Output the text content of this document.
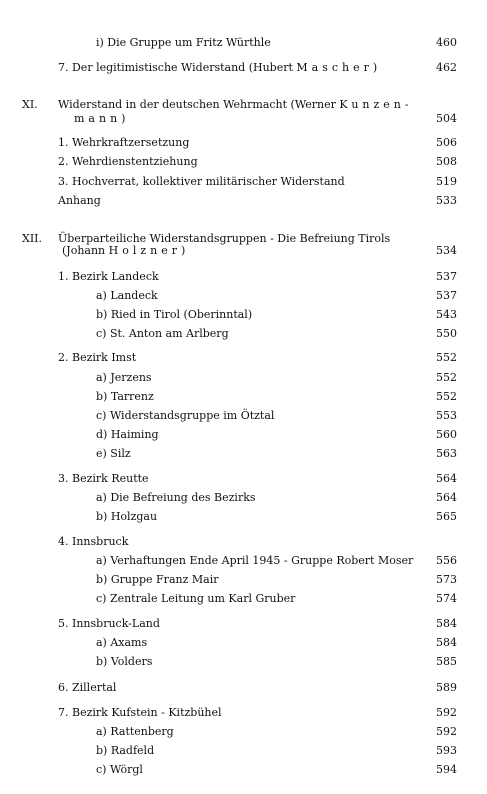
i) Die Gruppe um Fritz Würthle	460
7. Der legitimistische Widerstand (Hubert Mascher)	462
XI. Widerstand in der deutschen Wehrmacht (Werner Kunzen-
mann)	504
1. Wehrkraftzersetzung	506
2. Wehrdienstentziehung	508
3. Hochverrat, kollektiver militärischer Widerstand	519
Anhang	533
XII. Überparteiliche Widerstandsgruppen - Die Befreiung Tirols
(Johann Holzner)	534
1. Bezirk Landeck	537
a) Landeck	537
b) Ried in Tirol (Oberinntal)	543
c) St. Anton am Arlberg	550
2. Bezirk Imst	552
a) Jerzens	552
b) Tarrenz	552
c) Widerstandsgruppe im Ötztal	553
d) Haiming	560
e) Silz	563
3. Bezirk Reutte	564
a) Die Befreiung des Bezirks	564
b) Holzgau	565
4. Innsbruck
a) Verhaftungen Ende April 1945 - Gruppe Robert Moser 556
b) Gruppe Franz Mair	573
c) Zentrale Leitung um Karl Gruber	574
5. Innsbruck-Land	584
a) Axams	584
b) Volders	585
6. Zillertal	589
7. Bezirk Kufstein - Kitzbühel	592
a) Rattenberg	592
b) Radfeld	593
c) Wörgl	594
